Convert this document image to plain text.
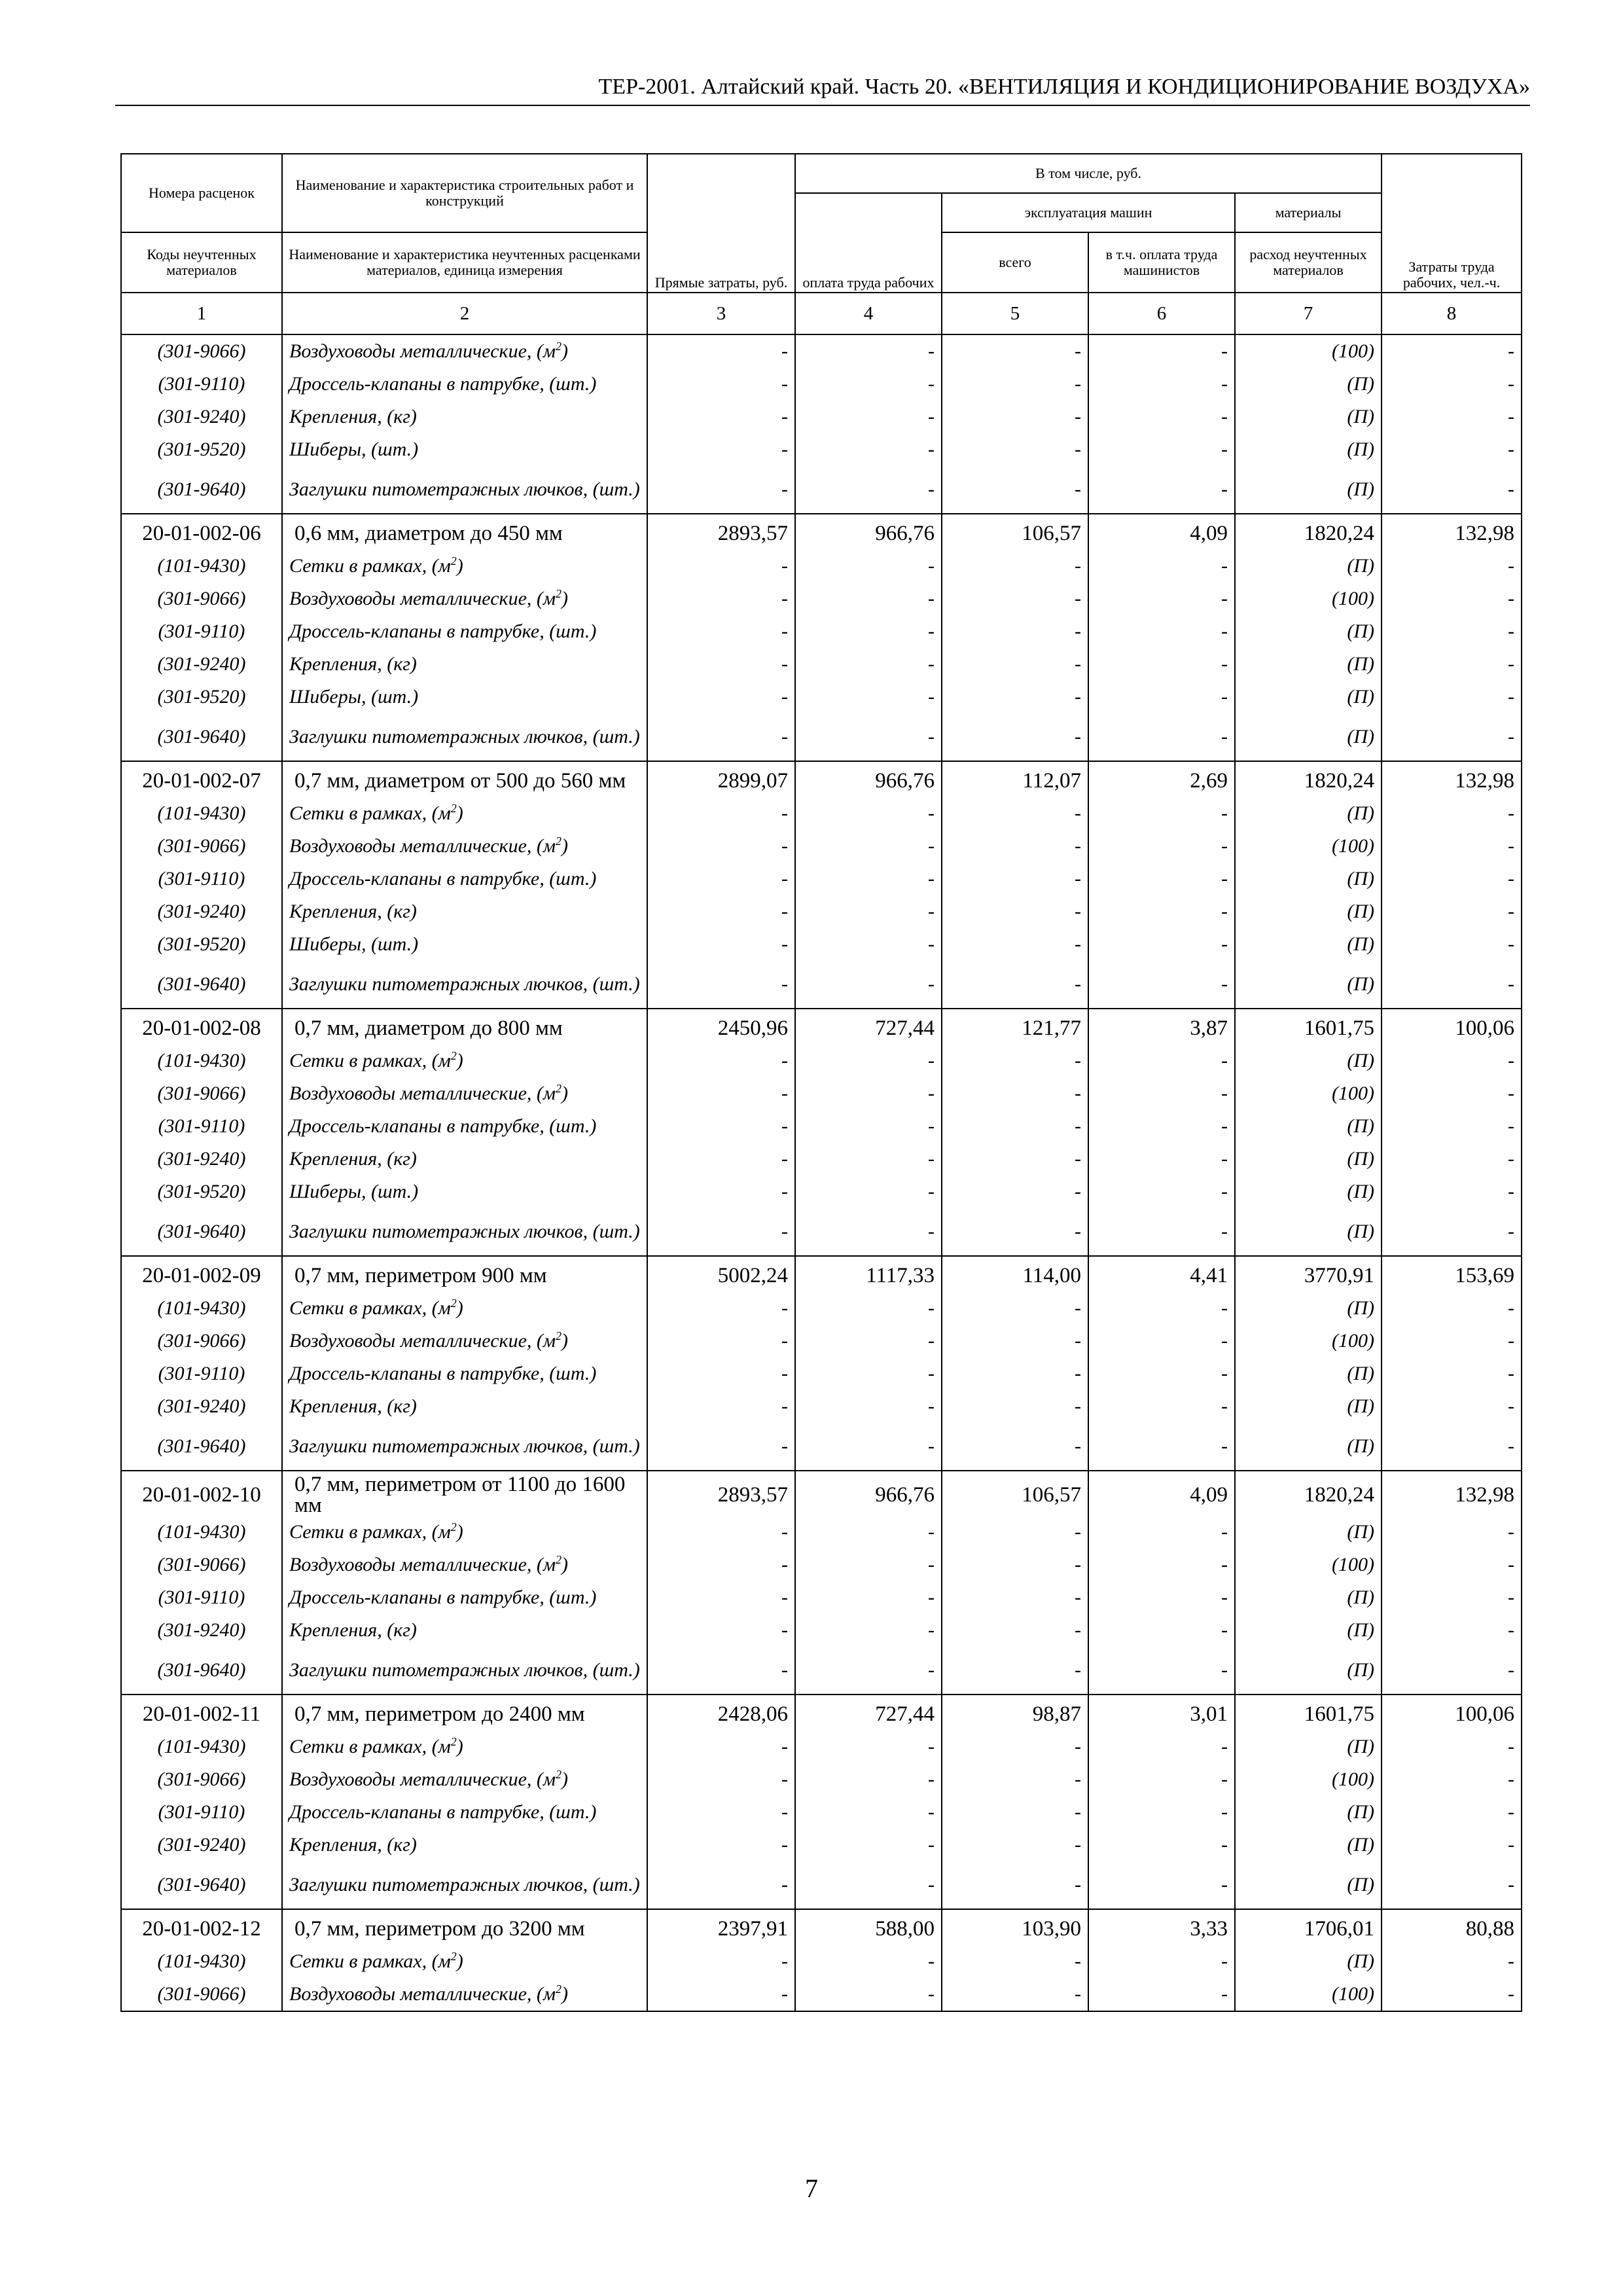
ТЕР-2001. Алтайский край. Часть 20. «ВЕНТИЛЯЦИЯ И КОНДИЦИОНИРОВАНИЕ ВОЗДУХА»
Номера расценок	Наименование и характеристика строительных работ и конструкций	Прямые затраты, руб.	В том числе, руб.				Затраты труда рабочих, чел.-ч.
			оплата труда рабочих	эксплуатация машин		материалы	
Коды неучтенных материалов	Наименование и характеристика неучтенных расценками материалов, единица измерения			всего	в т.ч. оплата труда машинистов	расход неучтенных материалов	
1	2	3	4	5	6	7	8
(301-9066)	Воздуховоды металлические, $(м^2)$	-	-	-	-	(100)	-
(301-9110)	Дроссель-клапаны в патрубке, (шт.)	-	-	-	-	(П)	-
(301-9240)	Крепления, (кг)	-	-	-	-	(П)	-
(301-9520)	Шиберы, (шт.)	-	-	-	-	(П)	-
(301-9640)	Заглушки питометражных лючков, (шт.)	-	-	-	-	(П)	-
20-01-002-06	0,6 мм, диаметром до 450 мм	2893,57	966,76	106,57	4,09	1820,24	132,98
(101-9430)	Сетки в рамках, $(м^2)$	-	-	-	-	(П)	-
(301-9066)	Воздуховоды металлические, $(м^2)$	-	-	-	-	(100)	-
(301-9110)	Дроссель-клапаны в патрубке, (шт.)	-	-	-	-	(П)	-
(301-9240)	Крепления, (кг)	-	-	-	-	(П)	-
(301-9520)	Шиберы, (шт.)	-	-	-	-	(П)	-
(301-9640)	Заглушки питометражных лючков, (шт.)	-	-	-	-	(П)	-
20-01-002-07	0,7 мм, диаметром от 500 до 560 мм	2899,07	966,76	112,07	2,69	1820,24	132,98
(101-9430)	Сетки в рамках, $(м^2)$	-	-	-	-	(П)	-
(301-9066)	Воздуховоды металлические, $(м^2)$	-	-	-	-	(100)	-
(301-9110)	Дроссель-клапаны в патрубке, (шт.)	-	-	-	-	(П)	-
(301-9240)	Крепления, (кг)	-	-	-	-	(П)	-
(301-9520)	Шиберы, (шт.)	-	-	-	-	(П)	-
(301-9640)	Заглушки питометражных лючков, (шт.)	-	-	-	-	(П)	-
20-01-002-08	0,7 мм, диаметром до 800 мм	2450,96	727,44	121,77	3,87	1601,75	100,06
(101-9430)	Сетки в рамках, $(м^2)$	-	-	-	-	(П)	-
(301-9066)	Воздуховоды металлические, $(м^2)$	-	-	-	-	(100)	-
(301-9110)	Дроссель-клапаны в патрубке, (шт.)	-	-	-	-	(П)	-
(301-9240)	Крепления, (кг)	-	-	-	-	(П)	-
(301-9520)	Шиберы, (шт.)	-	-	-	-	(П)	-
(301-9640)	Заглушки питометражных лючков, (шт.)	-	-	-	-	(П)	-
20-01-002-09	0,7 мм, периметром 900 мм	5002,24	1117,33	114,00	4,41	3770,91	153,69
(101-9430)	Сетки в рамках, $(м^2)$	-	-	-	-	(П)	-
(301-9066)	Воздуховоды металлические, $(м^2)$	-	-	-	-	(100)	-
(301-9110)	Дроссель-клапаны в патрубке, (шт.)	-	-	-	-	(П)	-
(301-9240)	Крепления, (кг)	-	-	-	-	(П)	-
(301-9640)	Заглушки питометражных лючков, (шт.)	-	-	-	-	(П)	-
20-01-002-10	0,7 мм, периметром от 1100 до 1600 мм	2893,57	966,76	106,57	4,09	1820,24	132,98
(101-9430)	Сетки в рамках, $(м^2)$	-	-	-	-	(П)	-
(301-9066)	Воздуховоды металлические, $(м^2)$	-	-	-	-	(100)	-
(301-9110)	Дроссель-клапаны в патрубке, (шт.)	-	-	-	-	(П)	-
(301-9240)	Крепления, (кг)	-	-	-	-	(П)	-
(301-9640)	Заглушки питометражных лючков, (шт.)	-	-	-	-	(П)	-
20-01-002-11	0,7 мм, периметром до 2400 мм	2428,06	727,44	98,87	3,01	1601,75	100,06
(101-9430)	Сетки в рамках, $(м^2)$	-	-	-	-	(П)	-
(301-9066)	Воздуховоды металлические, $(м^2)$	-	-	-	-	(100)	-
(301-9110)	Дроссель-клапаны в патрубке, (шт.)	-	-	-	-	(П)	-
(301-9240)	Крепления, (кг)	-	-	-	-	(П)	-
(301-9640)	Заглушки питометражных лючков, (шт.)	-	-	-	-	(П)	-
20-01-002-12	0,7 мм, периметром до 3200 мм	2397,91	588,00	103,90	3,33	1706,01	80,88
(101-9430)	Сетки в рамках, $(м^2)$	-	-	-	-	(П)	-
(301-9066)	Воздуховоды металлические, $(м^2)$	-	-	-	-	(100)	-
7
